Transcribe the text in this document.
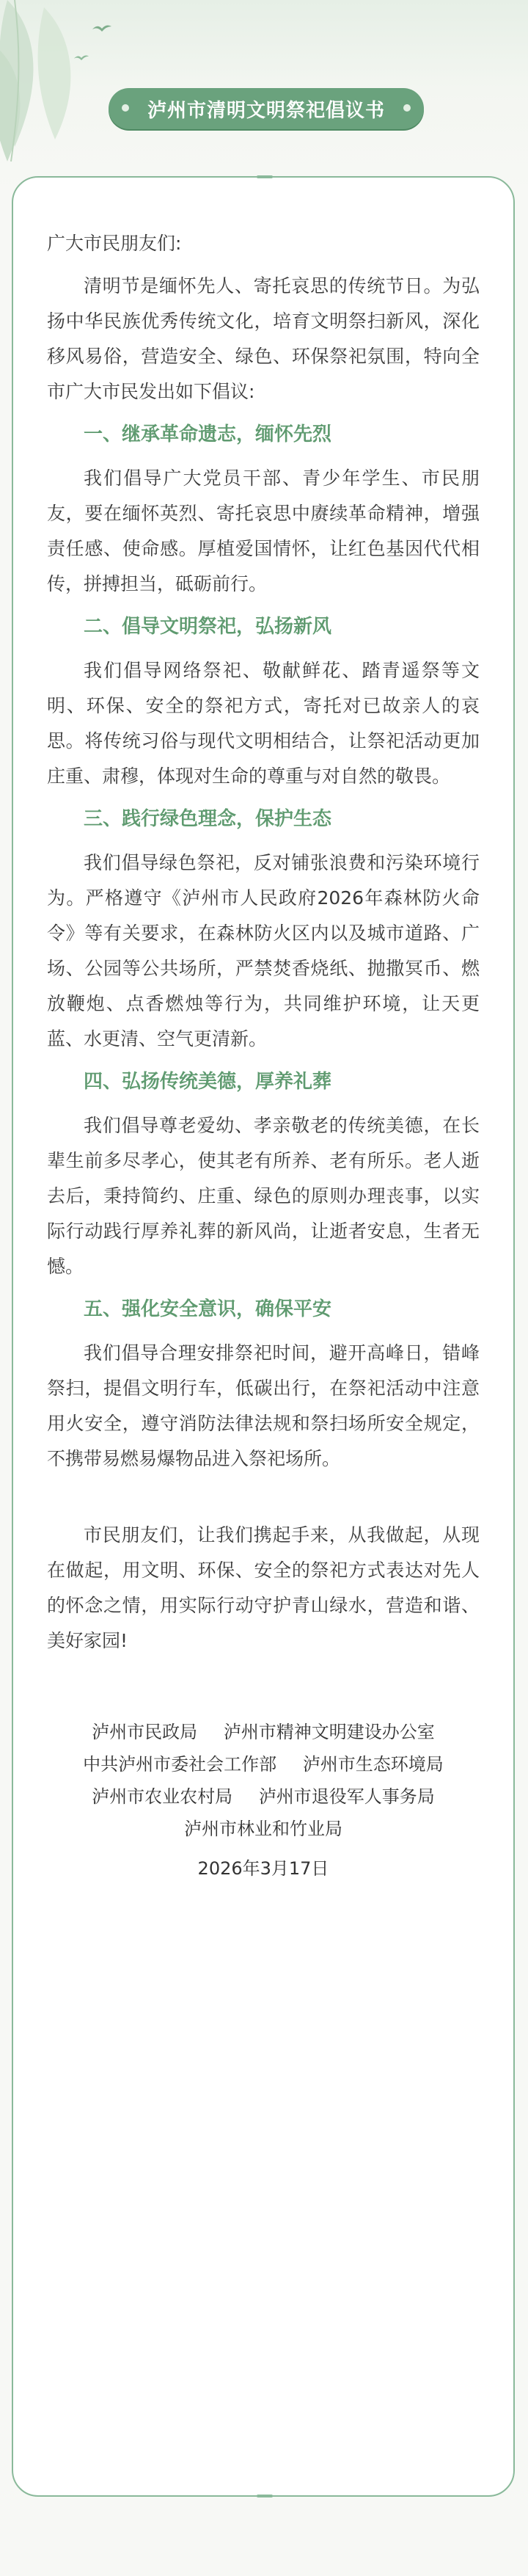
泸州市清明文明祭祀倡议书

广大市民朋友们:

清明节是缅怀先人、寄托哀思的传统节日。为弘扬中华民族优秀传统文化，培育文明祭扫新风，深化移风易俗，营造安全、绿色、环保祭祀氛围，特向全市广大市民发出如下倡议:

一、继承革命遗志，缅怀先烈

我们倡导广大党员干部、青少年学生、市民朋友，要在缅怀英烈、寄托哀思中赓续革命精神，增强责任感、使命感。厚植爱国情怀，让红色基因代代相传，拼搏担当，砥砺前行。

二、倡导文明祭祀，弘扬新风

我们倡导网络祭祀、敬献鲜花、踏青遥祭等文明、环保、安全的祭祀方式，寄托对已故亲人的哀思。将传统习俗与现代文明相结合，让祭祀活动更加庄重、肃穆，体现对生命的尊重与对自然的敬畏。

三、践行绿色理念，保护生态

我们倡导绿色祭祀，反对铺张浪费和污染环境行为。严格遵守《泸州市人民政府2026年森林防火命令》等有关要求，在森林防火区内以及城市道路、广场、公园等公共场所，严禁焚香烧纸、抛撒冥币、燃放鞭炮、点香燃烛等行为，共同维护环境，让天更蓝、水更清、空气更清新。

四、弘扬传统美德，厚养礼葬

我们倡导尊老爱幼、孝亲敬老的传统美德，在长辈生前多尽孝心，使其老有所养、老有所乐。老人逝去后，秉持简约、庄重、绿色的原则办理丧事，以实际行动践行厚养礼葬的新风尚，让逝者安息，生者无憾。

五、强化安全意识，确保平安

我们倡导合理安排祭祀时间，避开高峰日，错峰祭扫，提倡文明行车，低碳出行，在祭祀活动中注意用火安全，遵守消防法律法规和祭扫场所安全规定，不携带易燃易爆物品进入祭祀场所。

市民朋友们，让我们携起手来，从我做起，从现在做起，用文明、环保、安全的祭祀方式表达对先人的怀念之情，用实际行动守护青山绿水，营造和谐、美好家园!

泸州市民政局 泸州市精神文明建设办公室
中共泸州市委社会工作部 泸州市生态环境局
泸州市农业农村局 泸州市退役军人事务局
泸州市林业和竹业局
2026年3月17日
